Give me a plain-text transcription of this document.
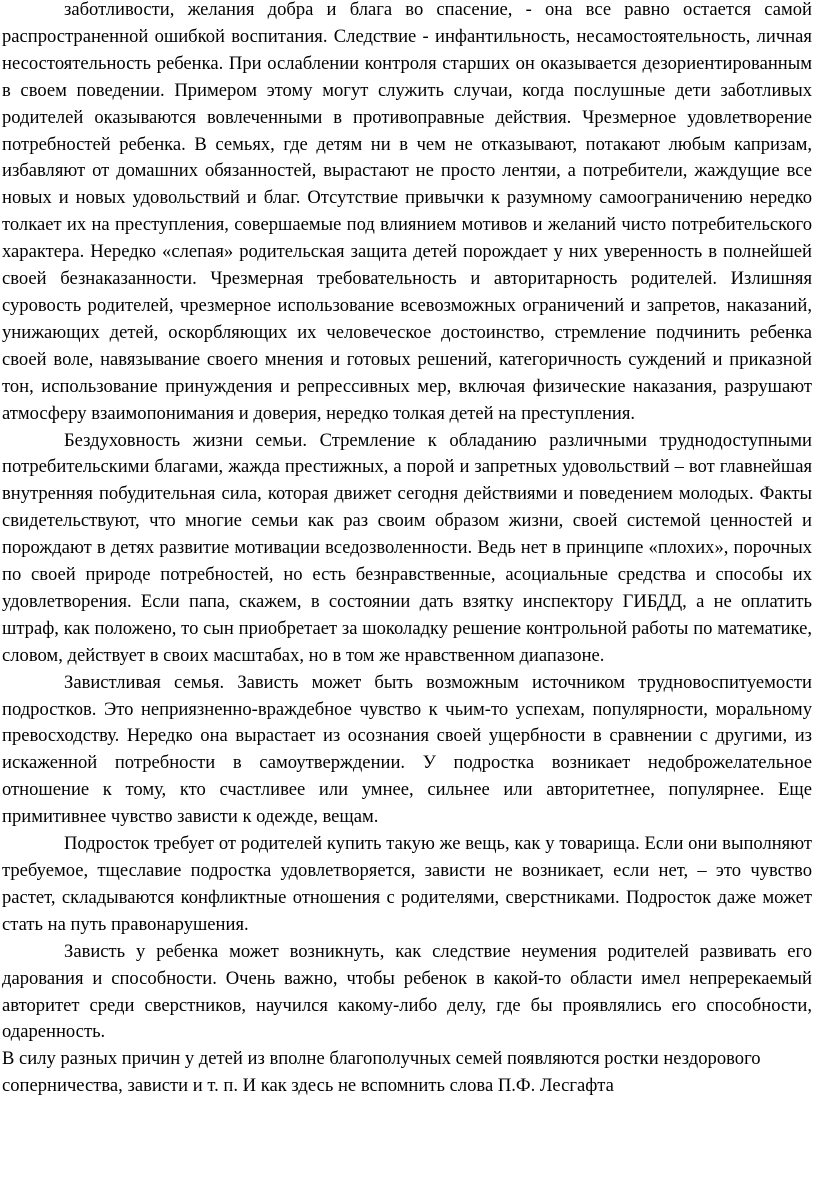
заботливости, желания добра и блага во спасение, - она все равно остается самой распространенной ошибкой воспитания. Следствие - инфантильность, несамостоятельность, личная несостоятельность ребенка. При ослаблении контроля старших он оказывается дезориентированным в своем поведении. Примером этому могут служить случаи, когда послушные дети заботливых родителей оказываются вовлеченными в противоправные действия. Чрезмерное удовлетворение потребностей ребенка. В семьях, где детям ни в чем не отказывают, потакают любым капризам, избавляют от домашних обязанностей, вырастают не просто лентяи, а потребители, жаждущие все новых и новых удовольствий и благ. Отсутствие привычки к разумному самоограничению нередко толкает их на преступления, совершаемые под влиянием мотивов и желаний чисто потребительского характера. Нередко «слепая» родительская защита детей порождает у них уверенность в полнейшей своей безнаказанности. Чрезмерная требовательность и авторитарность родителей. Излишняя суровость родителей, чрезмерное использование всевозможных ограничений и запретов, наказаний, унижающих детей, оскорбляющих их человеческое достоинство, стремление подчинить ребенка своей воле, навязывание своего мнения и готовых решений, категоричность суждений и приказной тон, использование принуждения и репрессивных мер, включая физические наказания, разрушают атмосферу взаимопонимания и доверия, нередко толкая детей на преступления.

Бездуховность жизни семьи. Стремление к обладанию различными труднодоступными потребительскими благами, жажда престижных, а порой и запретных удовольствий – вот главнейшая внутренняя побудительная сила, которая движет сегодня действиями и поведением молодых. Факты свидетельствуют, что многие семьи как раз своим образом жизни, своей системой ценностей и порождают в детях развитие мотивации вседозволенности. Ведь нет в принципе «плохих», порочных по своей природе потребностей, но есть безнравственные, асоциальные средства и способы их удовлетворения. Если папа, скажем, в состоянии дать взятку инспектору ГИБДД, а не оплатить штраф, как положено, то сын приобретает за шоколадку решение контрольной работы по математике, словом, действует в своих масштабах, но в том же нравственном диапазоне.

Завистливая семья. Зависть может быть возможным источником трудновоспитуемости подростков. Это неприязненно-враждебное чувство к чьим-то успехам, популярности, моральному превосходству. Нередко она вырастает из осознания своей ущербности в сравнении с другими, из искаженной потребности в самоутверждении. У подростка возникает недоброжелательное отношение к тому, кто счастливее или умнее, сильнее или авторитетнее, популярнее. Еще примитивнее чувство зависти к одежде, вещам.

Подросток требует от родителей купить такую же вещь, как у товарища. Если они выполняют требуемое, тщеславие подростка удовлетворяется, зависти не возникает, если нет, – это чувство растет, складываются конфликтные отношения с родителями, сверстниками. Подросток даже может стать на путь правонарушения.

Зависть у ребенка может возникнуть, как следствие неумения родителей развивать его дарования и способности. Очень важно, чтобы ребенок в какой-то области имел непререкаемый авторитет среди сверстников, научился какому-либо делу, где бы проявлялись его способности, одаренность.

В силу разных причин у детей из вполне благополучных семей появляются ростки нездорового соперничества, зависти и т. п. И как здесь не вспомнить слова П.Ф. Лесгафта
